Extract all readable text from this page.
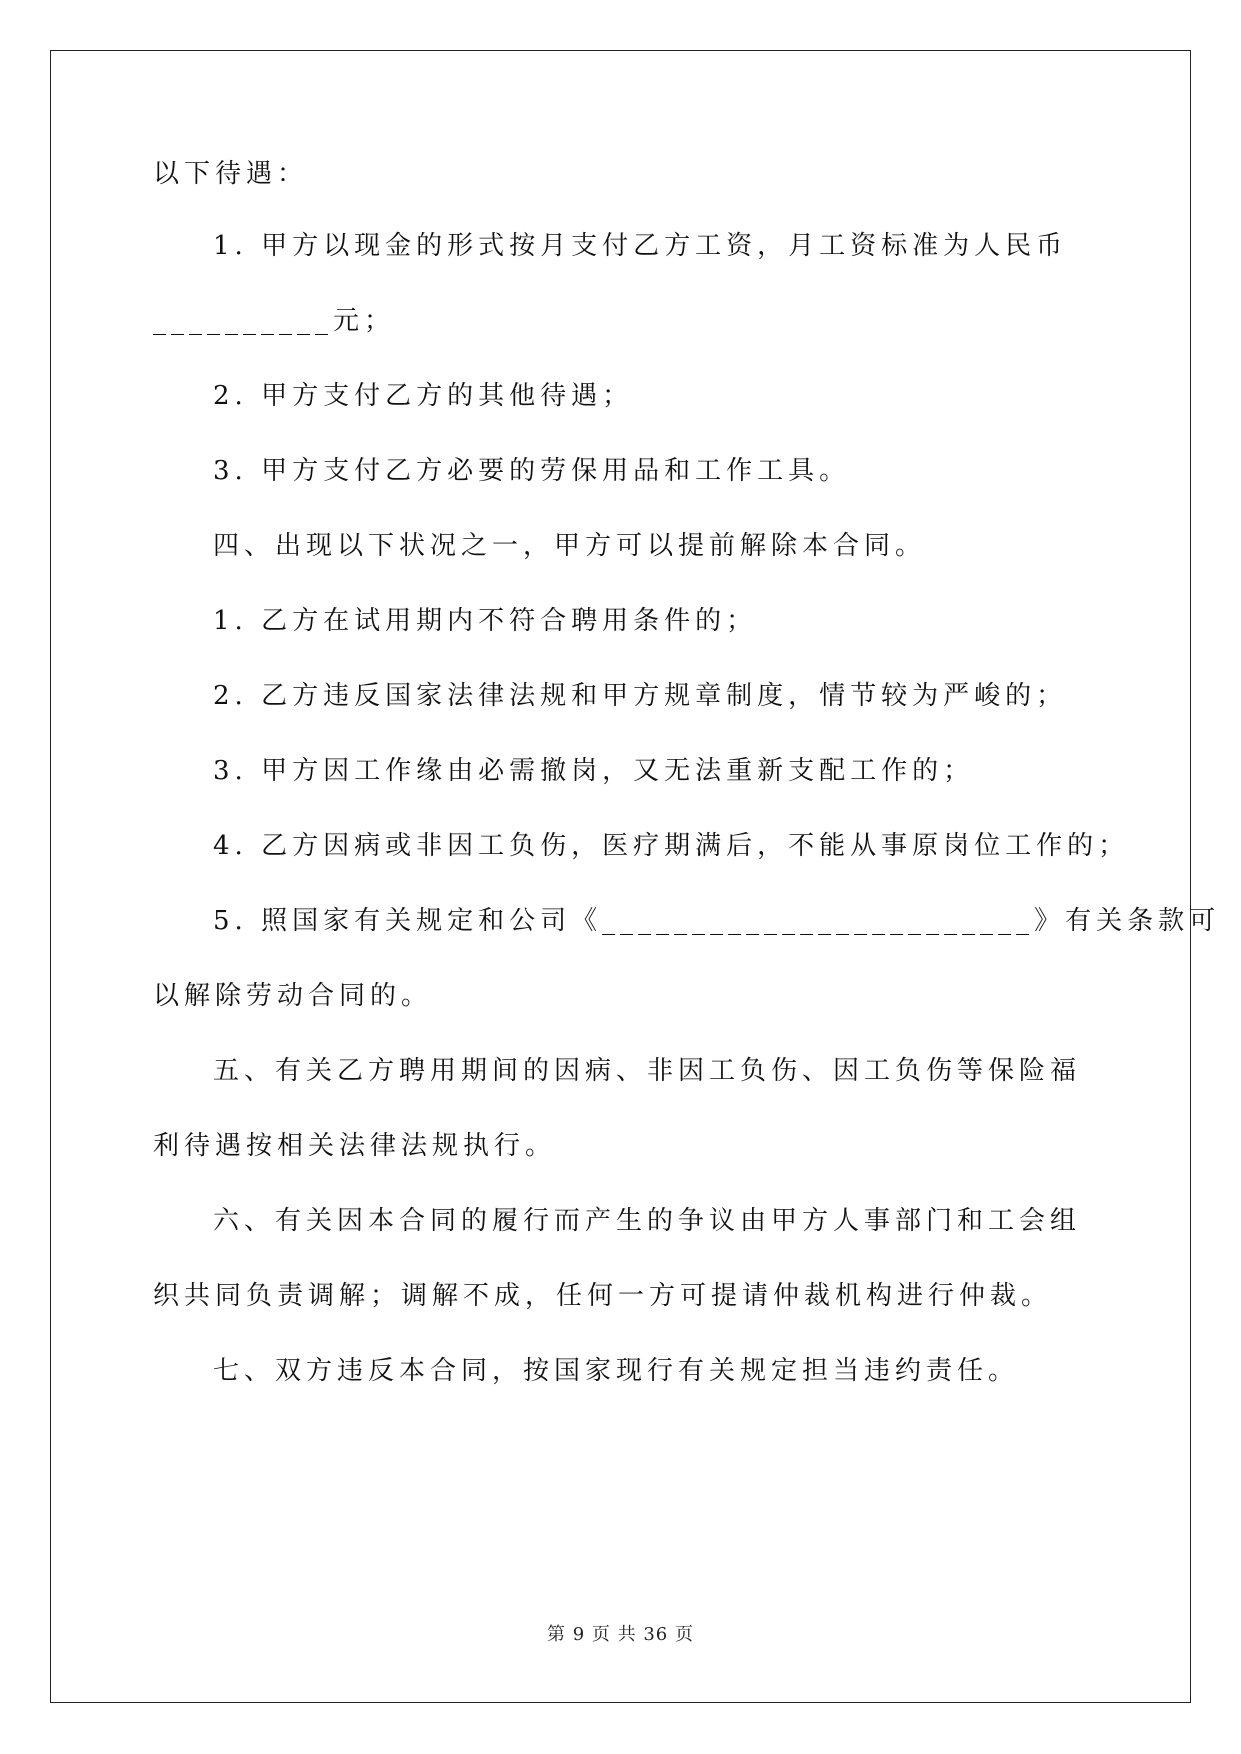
以下待遇：
1. 甲方以现金的形式按月支付乙方工资，月工资标准为人民币
__________元；
2. 甲方支付乙方的其他待遇；
3. 甲方支付乙方必要的劳保用品和工作工具。
四、出现以下状况之一，甲方可以提前解除本合同。
1. 乙方在试用期内不符合聘用条件的；
2. 乙方违反国家法律法规和甲方规章制度，情节较为严峻的；
3. 甲方因工作缘由必需撤岗，又无法重新支配工作的；
4. 乙方因病或非因工负伤，医疗期满后，不能从事原岗位工作的；
5. 照国家有关规定和公司《________________________》有关条款可
以解除劳动合同的。
五、有关乙方聘用期间的因病、非因工负伤、因工负伤等保险福
利待遇按相关法律法规执行。
六、有关因本合同的履行而产生的争议由甲方人事部门和工会组
织共同负责调解；调解不成，任何一方可提请仲裁机构进行仲裁。
七、双方违反本合同，按国家现行有关规定担当违约责任。
第 9 页 共 36 页
